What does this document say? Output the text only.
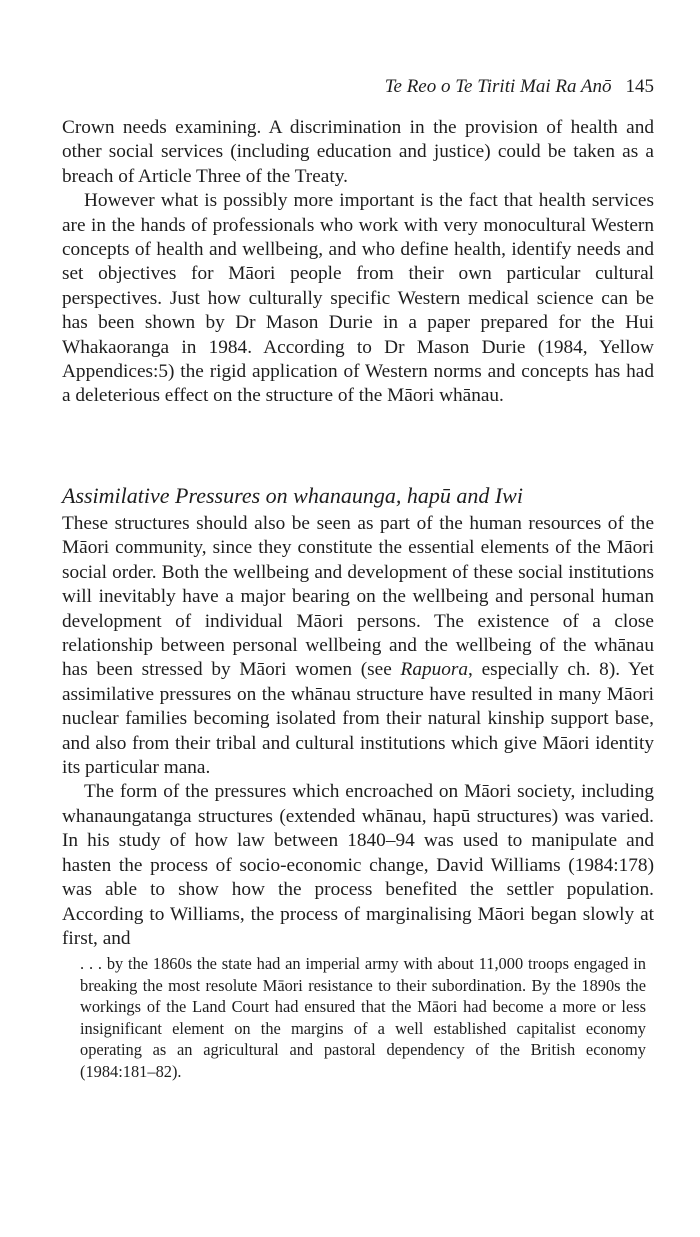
Te Reo o Te Tiriti Mai Ra Anō 145

Crown needs examining. A discrimination in the provision of health and other social services (including education and justice) could be taken as a breach of Article Three of the Treaty.

However what is possibly more important is the fact that health services are in the hands of professionals who work with very monocultural Western concepts of health and wellbeing, and who define health, identify needs and set objectives for Māori people from their own particular cultural perspectives. Just how culturally specific Western medical science can be has been shown by Dr Mason Durie in a paper prepared for the Hui Whakaoranga in 1984. According to Dr Mason Durie (1984, Yellow Appendices:5) the rigid application of Western norms and concepts has had a deleterious effect on the structure of the Māori whānau.

Assimilative Pressures on whanaunga, hapū and Iwi

These structures should also be seen as part of the human resources of the Māori community, since they constitute the essential elements of the Māori social order. Both the wellbeing and development of these social institutions will inevitably have a major bearing on the wellbeing and personal human development of individual Māori persons. The existence of a close relationship between personal wellbeing and the wellbeing of the whānau has been stressed by Māori women (see Rapuora, especially ch. 8). Yet assimilative pressures on the whānau structure have resulted in many Māori nuclear families becoming isolated from their natural kinship support base, and also from their tribal and cultural institutions which give Māori identity its particular mana.

The form of the pressures which encroached on Māori society, including whanaungatanga structures (extended whānau, hapū structures) was varied. In his study of how law between 1840–94 was used to manipulate and hasten the process of socio-economic change, David Williams (1984:178) was able to show how the process benefited the settler population. According to Williams, the process of marginalising Māori began slowly at first, and

. . . by the 1860s the state had an imperial army with about 11,000 troops engaged in breaking the most resolute Māori resistance to their subordination. By the 1890s the workings of the Land Court had ensured that the Māori had become a more or less insignificant element on the margins of a well established capitalist economy operating as an agricultural and pastoral dependency of the British economy (1984:181–82).
